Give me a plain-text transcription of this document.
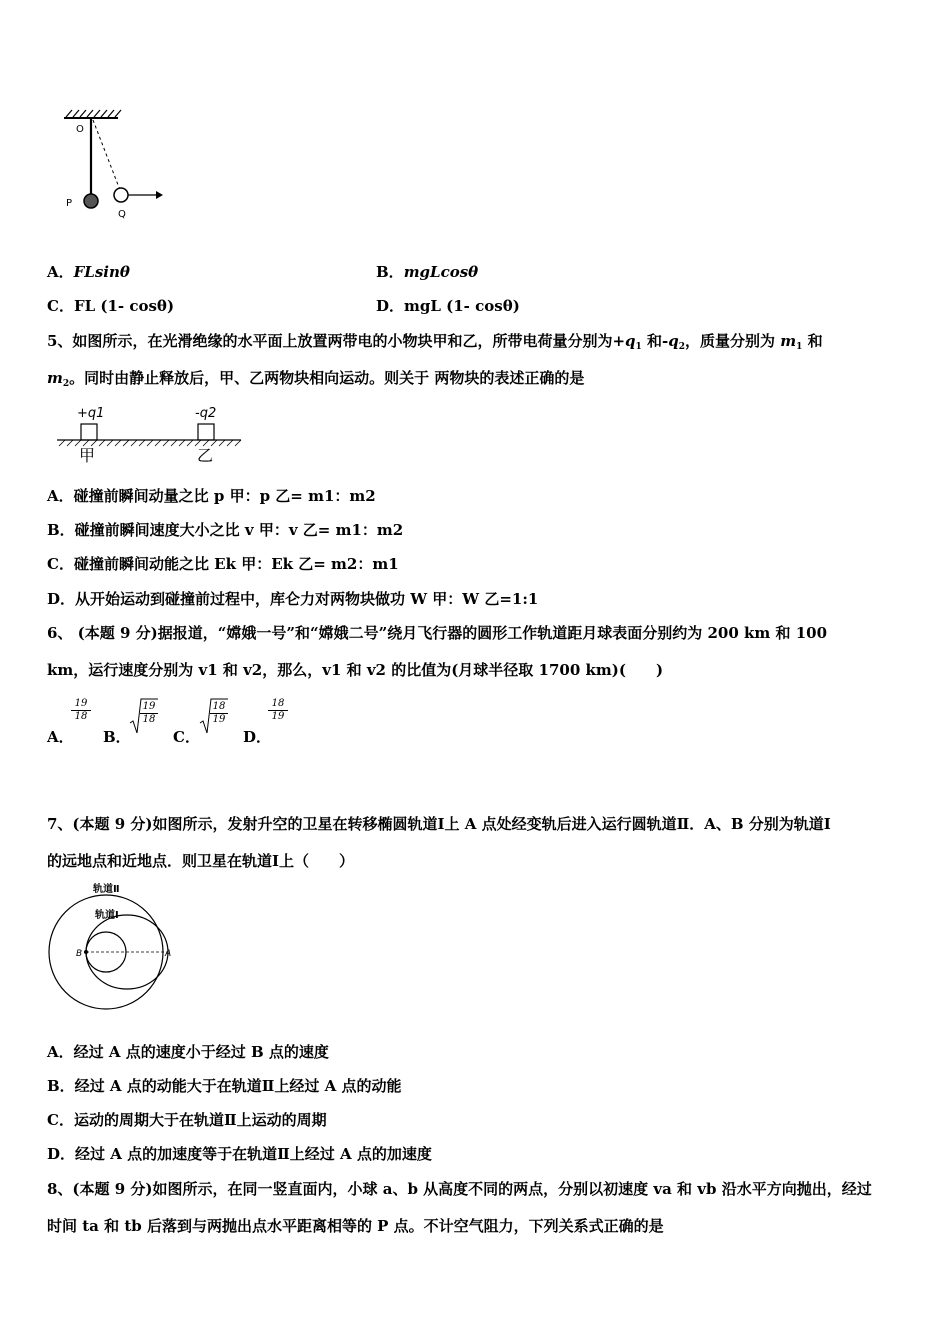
O
P
Q
A．FLsinθ	B．mgLcosθ
C．FL (1- cosθ)	D．mgL (1- cosθ)
5、如图所示，在光滑绝缘的水平面上放置两带电的小物块甲和乙，所带电荷量分别为$+q_1$ 和$-q_2$，质量分别为 $m_1$ 和
$m_2$。同时由静止释放后，甲、乙两物块相向运动。则关于 两物块的表述正确的是
+q1	-q2
甲	乙
A．碰撞前瞬间动量之比 p 甲：p 乙= m1：m2
B．碰撞前瞬间速度大小之比 v 甲：v 乙= m1：m2
C．碰撞前瞬间动能之比 Ek 甲：Ek 乙= m2：m1
D．从开始运动到碰撞前过程中，库仑力对两物块做功 W 甲：W 乙=1:1
6、 (本题 9 分)据报道，“嫦娥一号”和“嫦娥二号”绕月飞行器的圆形工作轨道距月球表面分别约为 200 km 和 100
km，运行速度分别为 v1 和 v2，那么，v1 和 v2 的比值为(月球半径取 1700 km)(　　)
A．
19
18
B．
19
18
C．
18
19
D．
18
19
7、(本题 9 分)如图所示，发射升空的卫星在转移椭圆轨道Ⅰ上 A 点处经变轨后进入运行圆轨道Ⅱ．A、B 分别为轨道Ⅰ
的远地点和近地点．则卫星在轨道Ⅰ上（　　）
轨道Ⅱ
轨道Ⅰ
B	A
A．经过 A 点的速度小于经过 B 点的速度
B．经过 A 点的动能大于在轨道Ⅱ上经过 A 点的动能
C．运动的周期大于在轨道Ⅱ上运动的周期
D．经过 A 点的加速度等于在轨道Ⅱ上经过 A 点的加速度
8、(本题 9 分)如图所示，在同一竖直面内，小球 a、b 从高度不同的两点，分别以初速度 va 和 vb 沿水平方向抛出，经过
时间 ta 和 tb 后落到与两抛出点水平距离相等的 P 点。不计空气阻力，下列关系式正确的是
